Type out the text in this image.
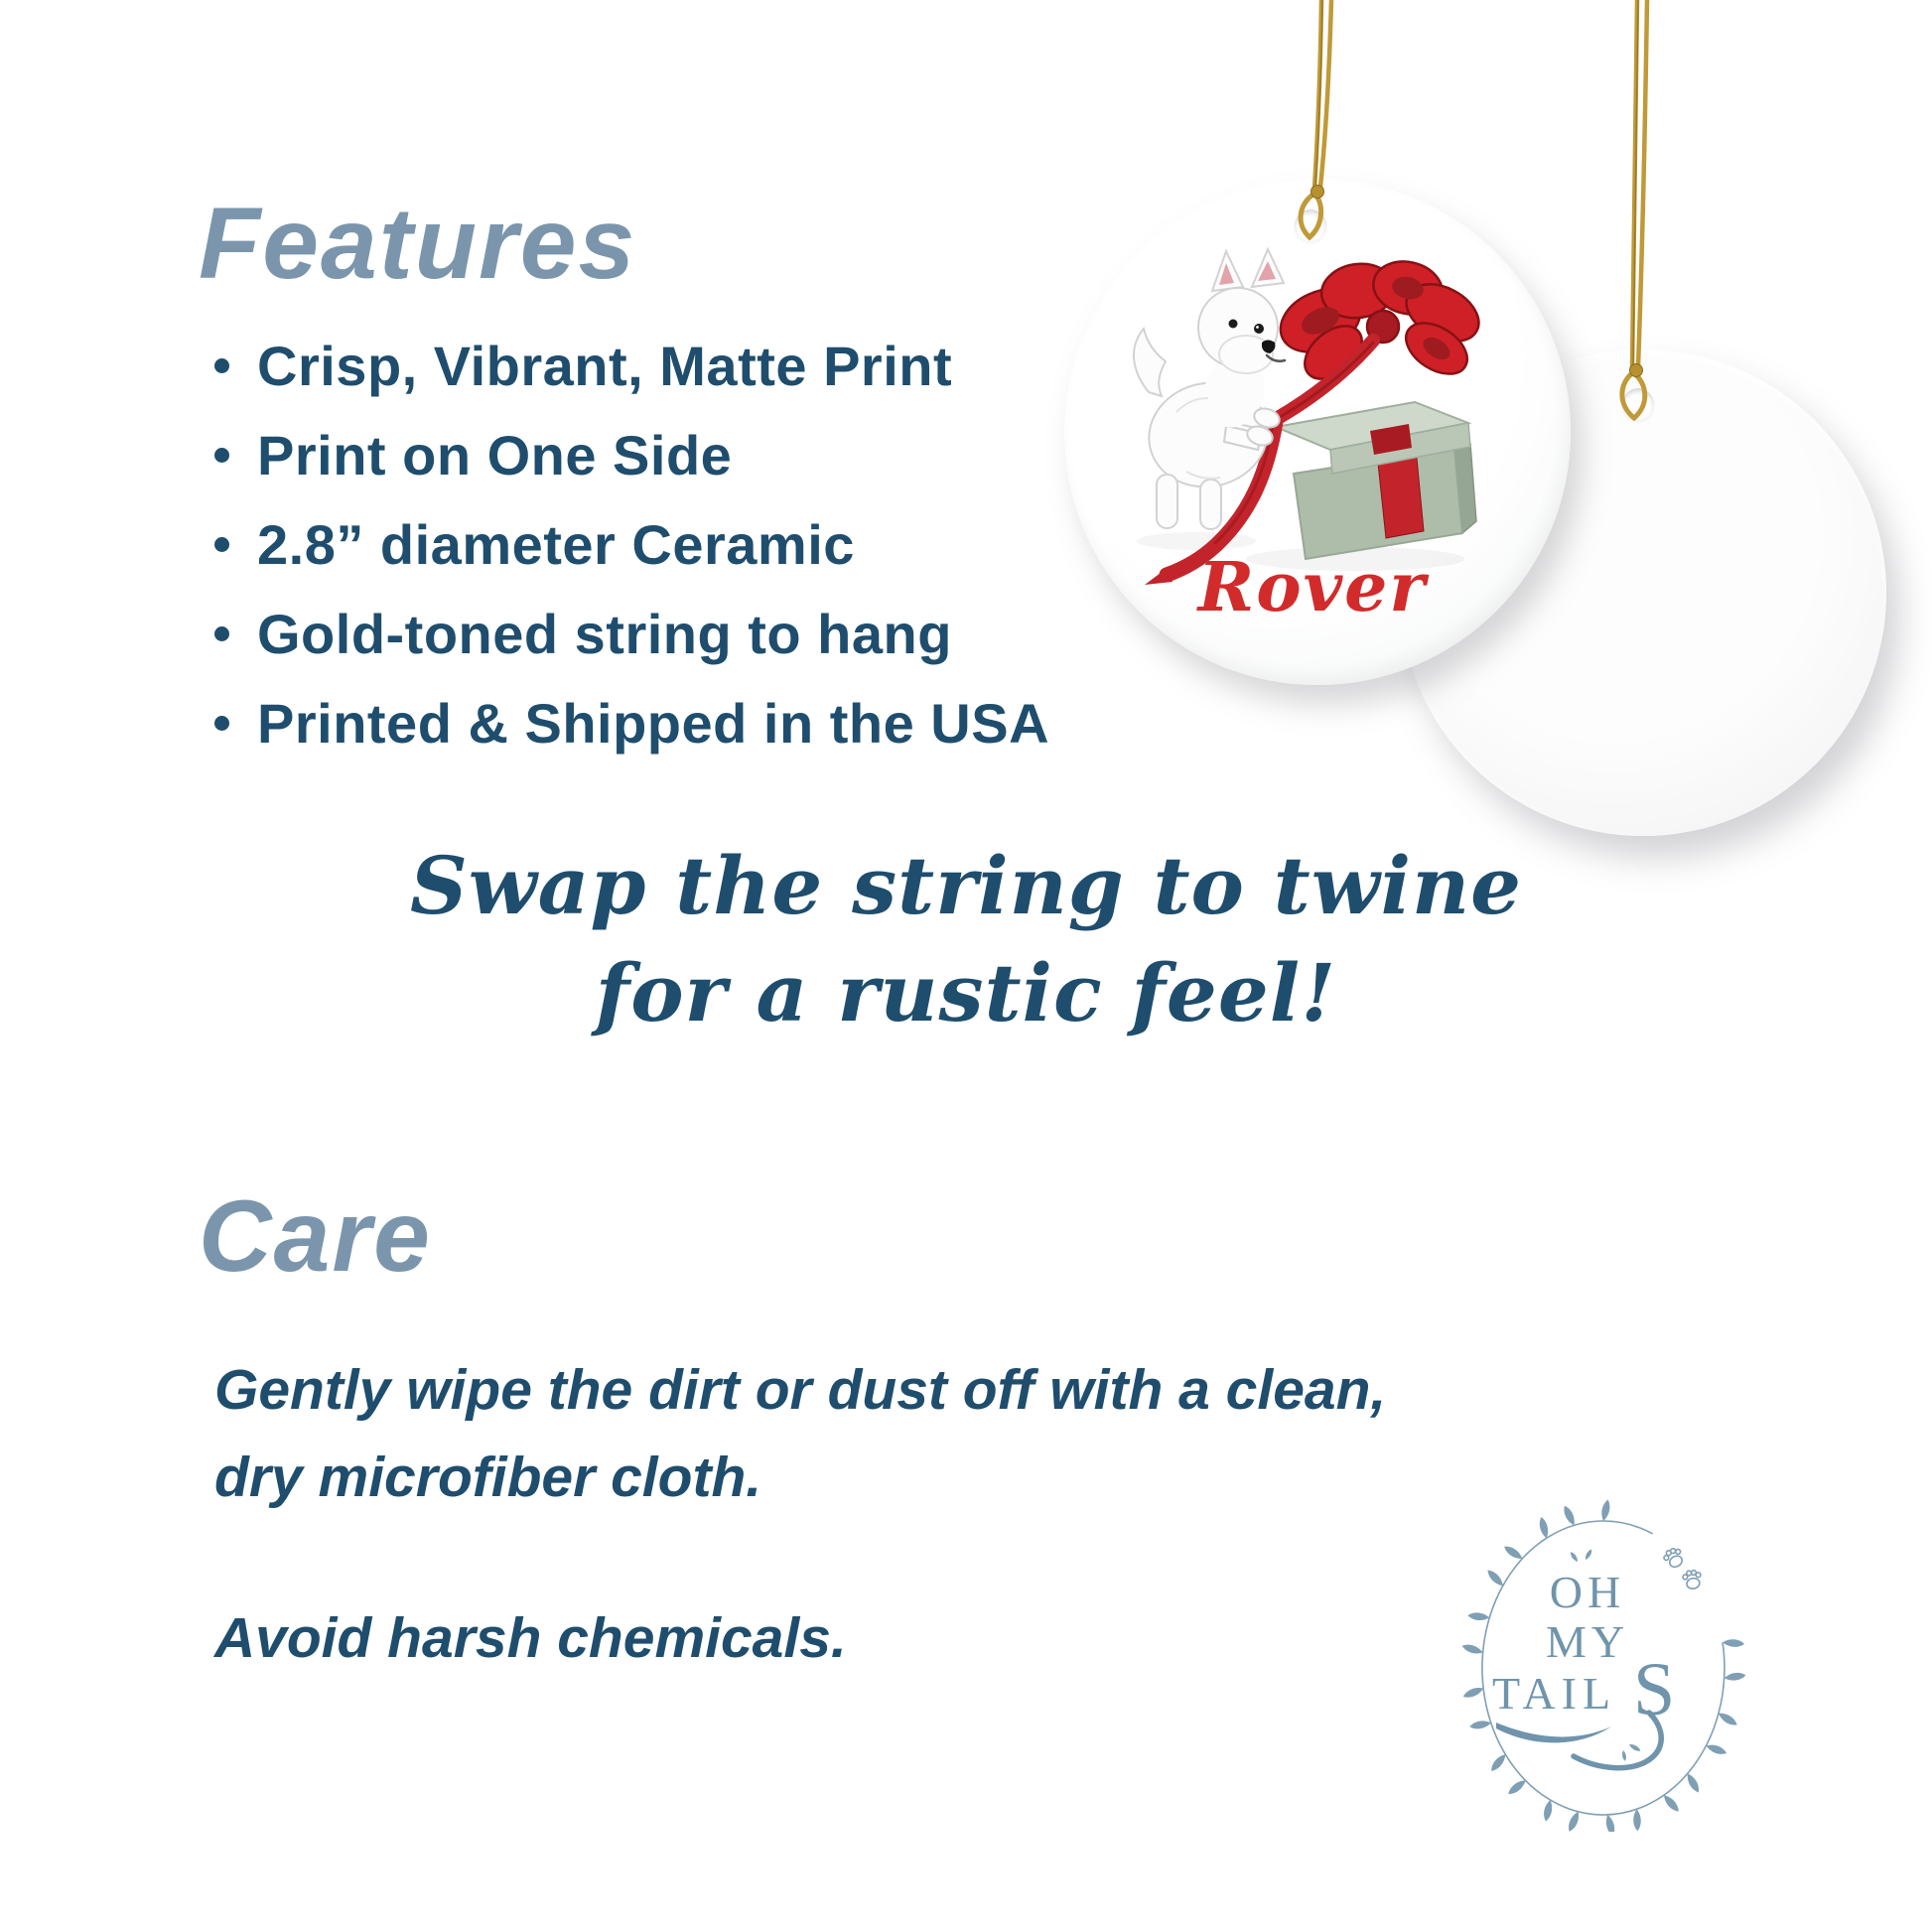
Rover
Features
Crisp, Vibrant, Matte Print
Print on One Side
2.8” diameter Ceramic
Gold-toned string to hang
Printed & Shipped in the USA
Swap the string to twine
for a rustic feel!
Care
Gently wipe the dirt or dust off with a clean,
dry microfiber cloth.
Avoid harsh chemicals.
OH
MY
TAIL S
